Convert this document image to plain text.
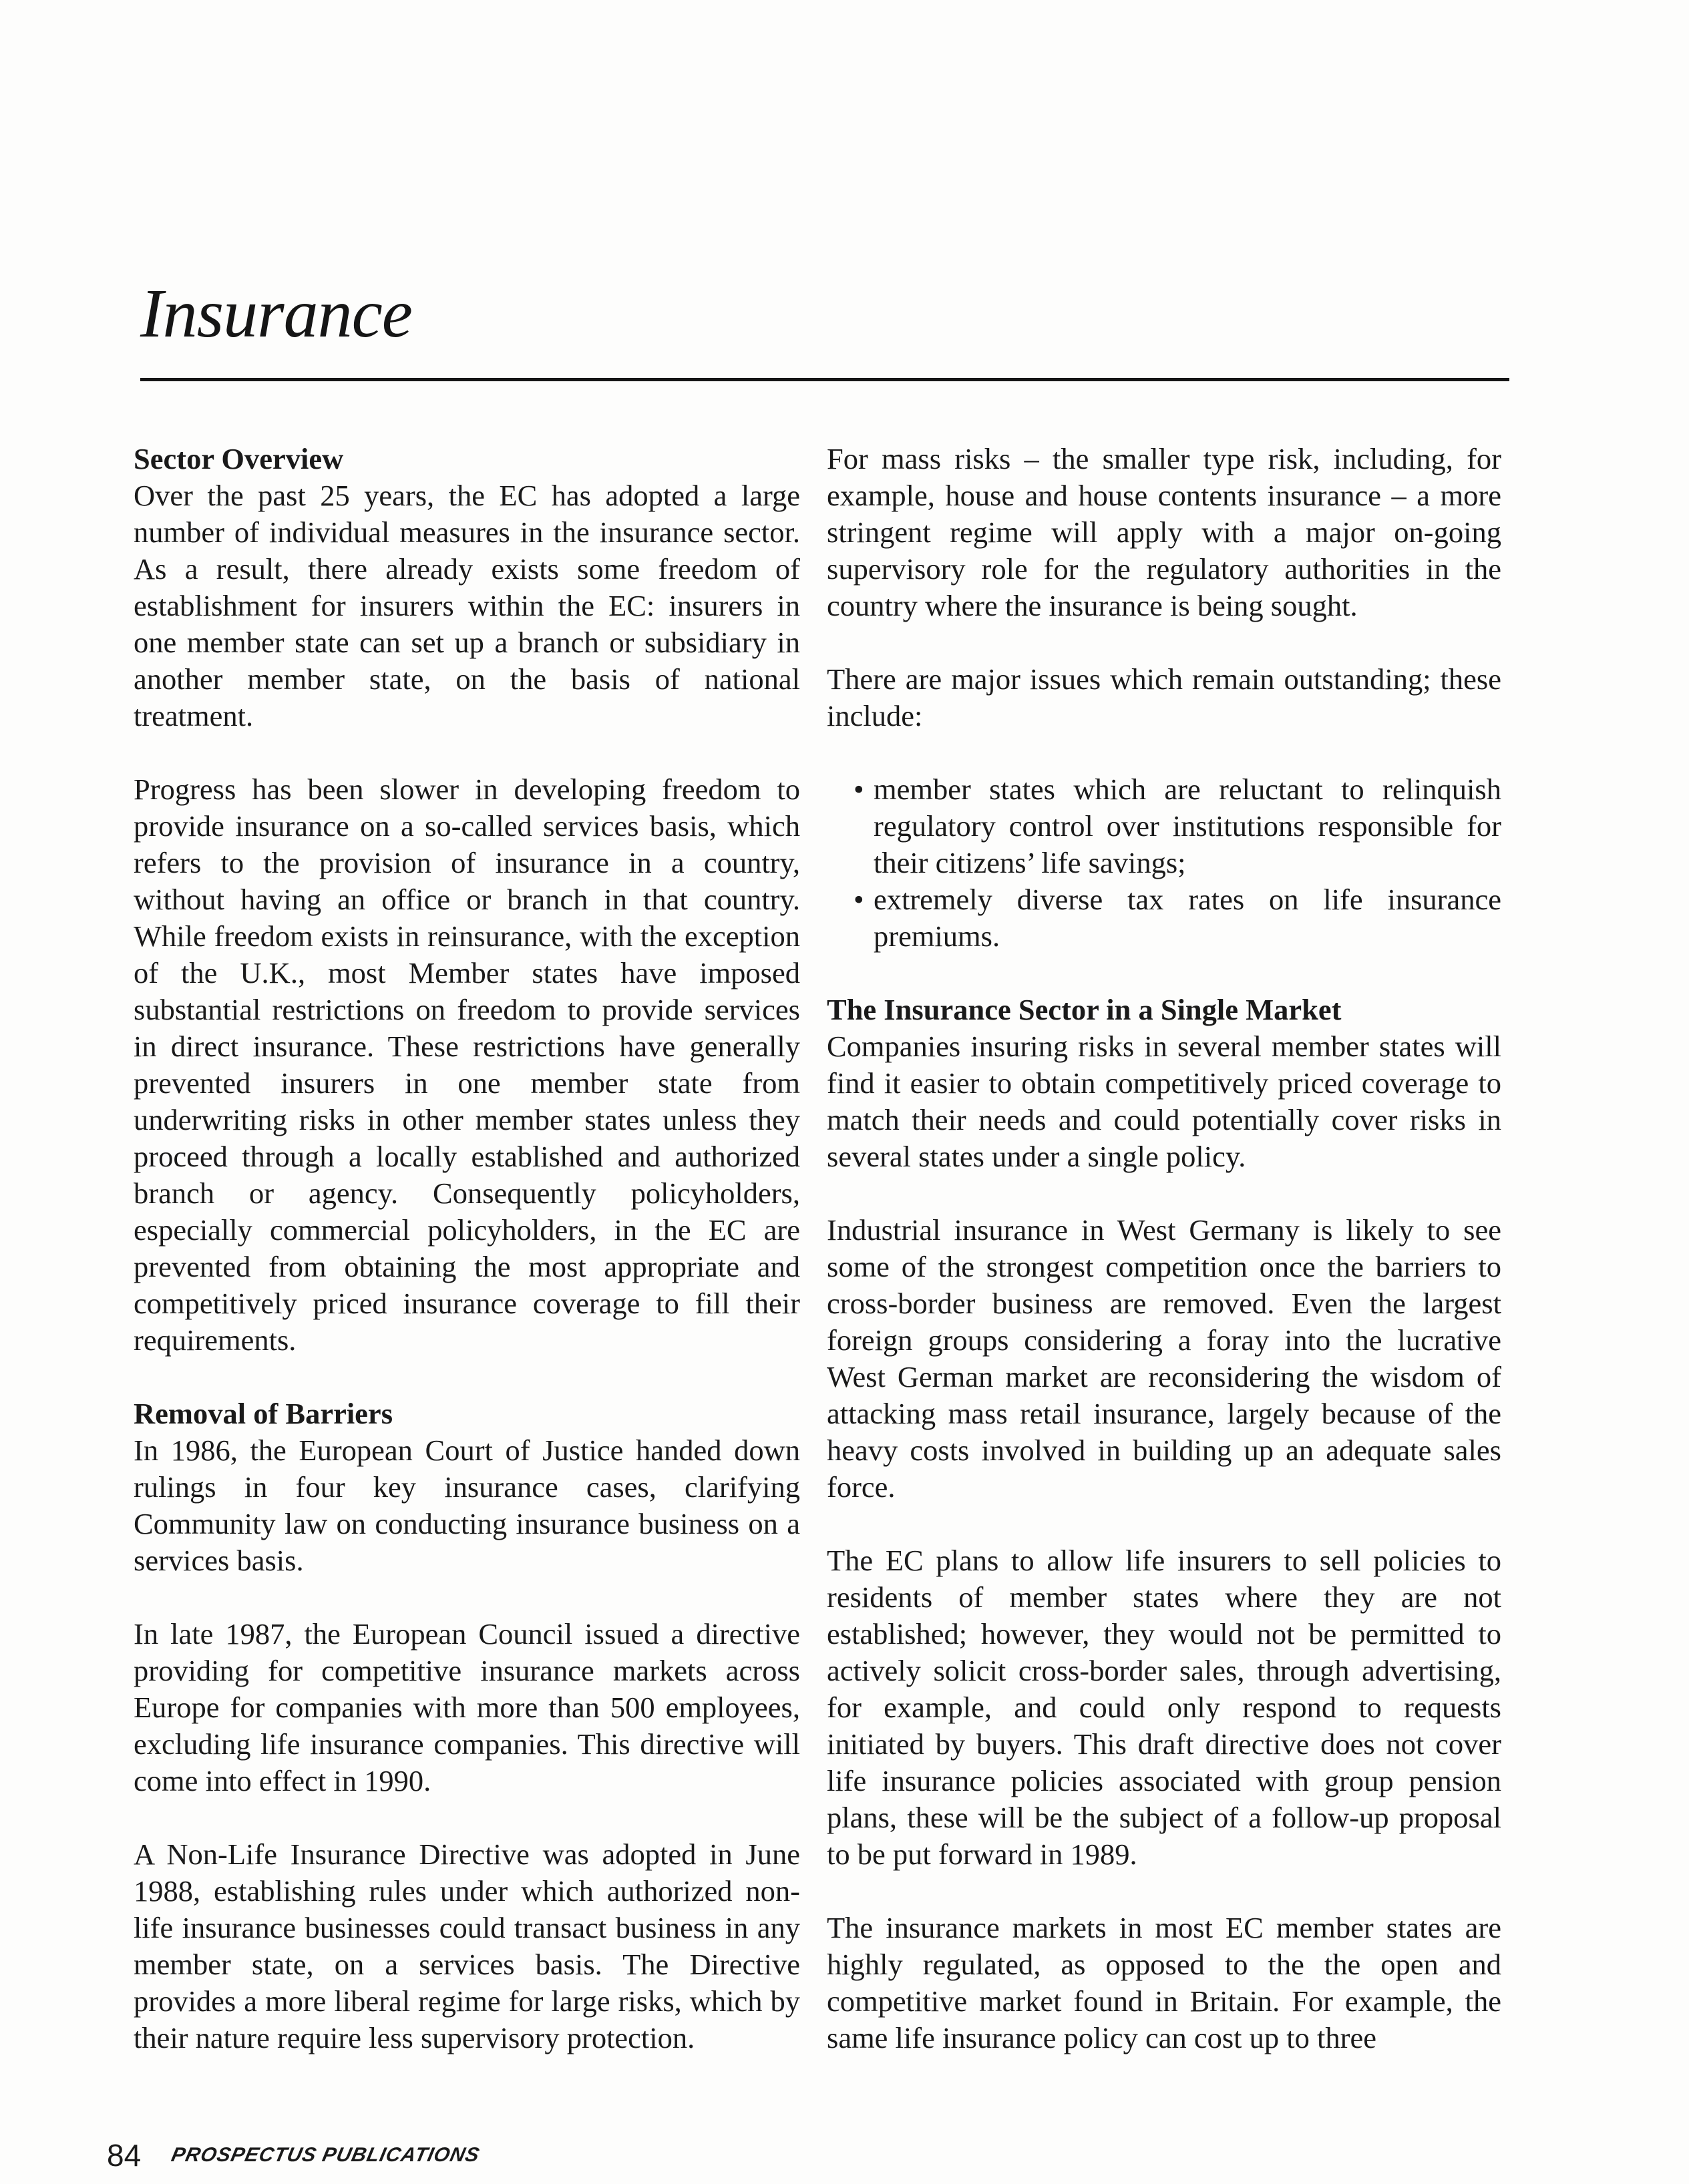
Insurance
Sector Overview

Over the past 25 years, the EC has adopted a large number of individual measures in the insurance sector. As a result, there already exists some freedom of establishment for insurers within the EC: insurers in one member state can set up a branch or subsidiary in another member state, on the basis of national treatment.

Progress has been slower in developing freedom to provide insurance on a so-called services basis, which refers to the provision of insurance in a country, without having an office or branch in that country. While freedom exists in reinsurance, with the exception of the U.K., most Member states have imposed substantial restrictions on freedom to provide services in direct insurance. These restrictions have generally prevented insurers in one member state from underwriting risks in other member states unless they proceed through a locally established and authorized branch or agency. Consequently policyholders, especially commercial policyholders, in the EC are prevented from obtaining the most appropriate and competitively priced insurance coverage to fill their requirements.

Removal of Barriers

In 1986, the European Court of Justice handed down rulings in four key insurance cases, clarifying Community law on conducting insurance business on a services basis.

In late 1987, the European Council issued a directive providing for competitive insurance markets across Europe for companies with more than 500 employees, excluding life insurance companies. This directive will come into effect in 1990.

A Non-Life Insurance Directive was adopted in June 1988, establishing rules under which authorized non-life insurance businesses could transact business in any member state, on a services basis. The Directive provides a more liberal regime for large risks, which by their nature require less supervisory protection.

For mass risks – the smaller type risk, including, for example, house and house contents insurance – a more stringent regime will apply with a major on-going supervisory role for the regulatory authorities in the country where the insurance is being sought.

There are major issues which remain outstanding; these include:

• member states which are reluctant to relinquish regulatory control over institutions responsible for their citizens’ life savings;
• extremely diverse tax rates on life insurance premiums.
The Insurance Sector in a Single Market

Companies insuring risks in several member states will find it easier to obtain competitively priced coverage to match their needs and could potentially cover risks in several states under a single policy.

Industrial insurance in West Germany is likely to see some of the strongest competition once the barriers to cross-border business are removed. Even the largest foreign groups considering a foray into the lucrative West German market are reconsidering the wisdom of attacking mass retail insurance, largely because of the heavy costs involved in building up an adequate sales force.

The EC plans to allow life insurers to sell policies to residents of member states where they are not established; however, they would not be permitted to actively solicit cross-border sales, through advertising, for example, and could only respond to requests initiated by buyers. This draft directive does not cover life insurance policies associated with group pension plans, these will be the subject of a follow-up proposal to be put forward in 1989.

The insurance markets in most EC member states are highly regulated, as opposed to the the open and competitive market found in Britain. For example, the same life insurance policy can cost up to three

84 PROSPECTUS PUBLICATIONS
